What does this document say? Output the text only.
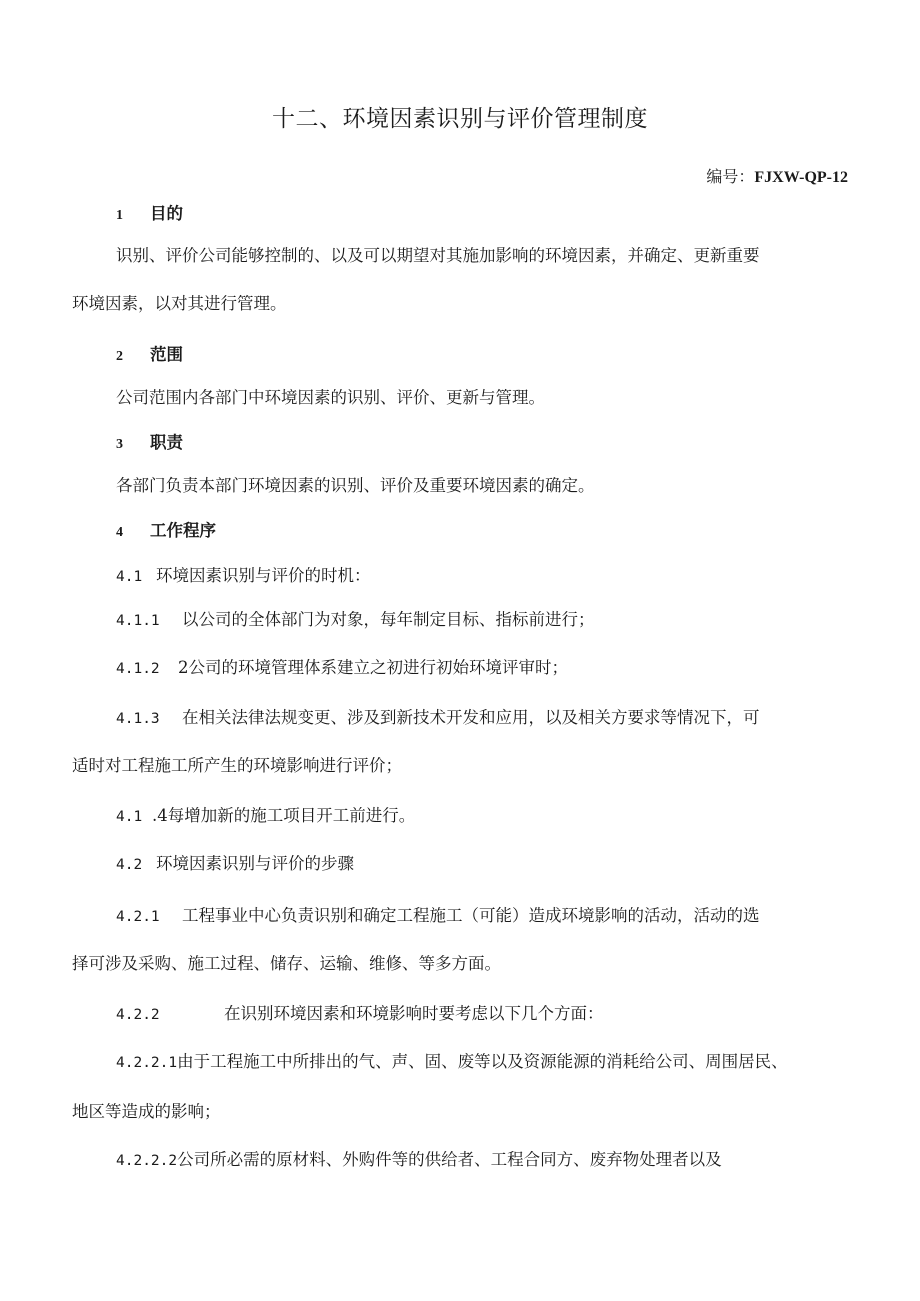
十二、环境因素识别与评价管理制度
编号：FJXW-QP-12
1 目的
识别、评价公司能够控制的、以及可以期望对其施加影响的环境因素，并确定、更新重要
环境因素，以对其进行管理。
2 范围
公司范围内各部门中环境因素的识别、评价、更新与管理。
3 职责
各部门负责本部门环境因素的识别、评价及重要环境因素的确定。
4 工作程序
4.1 环境因素识别与评价的时机：
4.1.1 以公司的全体部门为对象，每年制定目标、指标前进行；
4.1.2 2公司的环境管理体系建立之初进行初始环境评审时；
4.1.3 在相关法律法规变更、涉及到新技术开发和应用，以及相关方要求等情况下，可
适时对工程施工所产生的环境影响进行评价；
4.1 .4每增加新的施工项目开工前进行。
4.2 环境因素识别与评价的步骤
4.2.1 工程事业中心负责识别和确定工程施工（可能）造成环境影响的活动，活动的选
择可涉及采购、施工过程、储存、运输、维修、等多方面。
4.2.2	在识别环境因素和环境影响时要考虑以下几个方面：
4.2.2.1由于工程施工中所排出的气、声、固、废等以及资源能源的消耗给公司、周围居民、
地区等造成的影响；
4.2.2.2公司所必需的原材料、外购件等的供给者、工程合同方、废弃物处理者以及
